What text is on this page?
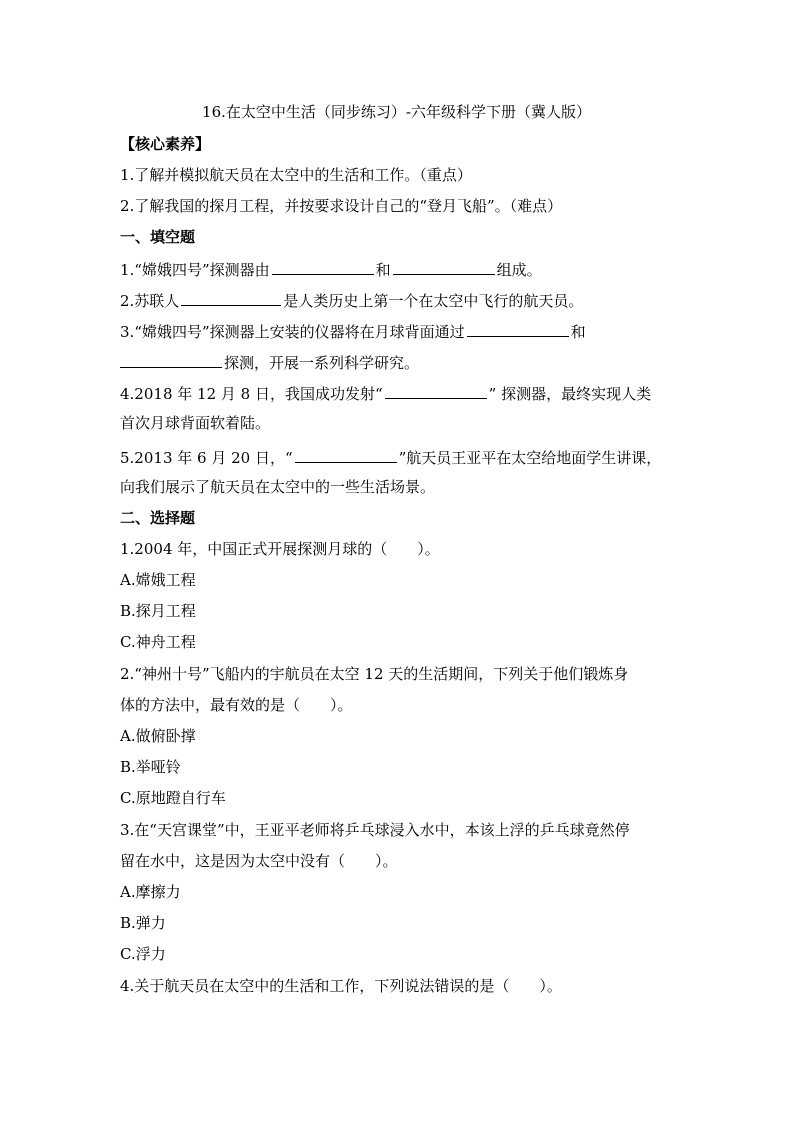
16.在太空中生活（同步练习）-六年级科学下册（冀人版）
【核心素养】
1.了解并模拟航天员在太空中的生活和工作。（重点）
2.了解我国的探月工程，并按要求设计自己的“登月飞船”。（难点）
一、填空题
1.“嫦娥四号”探测器由	和	组成。
2.苏联人	是人类历史上第一个在太空中飞行的航天员。
3.“嫦娥四号”探测器上安装的仪器将在月球背面通过	和
探测，开展一系列科学研究。
4.2018 年 12 月 8 日，我国成功发射“	” 探测器，最终实现人类
首次月球背面软着陆。
5.2013 年 6 月 20 日，“	”航天员王亚平在太空给地面学生讲课，
向我们展示了航天员在太空中的一些生活场景。
二、选择题
1.2004 年，中国正式开展探测月球的（　　）。
A.嫦娥工程
B.探月工程
C.神舟工程
2.“神州十号”飞船内的宇航员在太空 12 天的生活期间，下列关于他们锻炼身
体的方法中，最有效的是（　　）。
A.做俯卧撑
B.举哑铃
C.原地蹬自行车
3.在“天宫课堂”中，王亚平老师将乒乓球浸入水中，本该上浮的乒乓球竟然停
留在水中，这是因为太空中没有（　　）。
A.摩擦力
B.弹力
C.浮力
4.关于航天员在太空中的生活和工作，下列说法错误的是（　　）。
